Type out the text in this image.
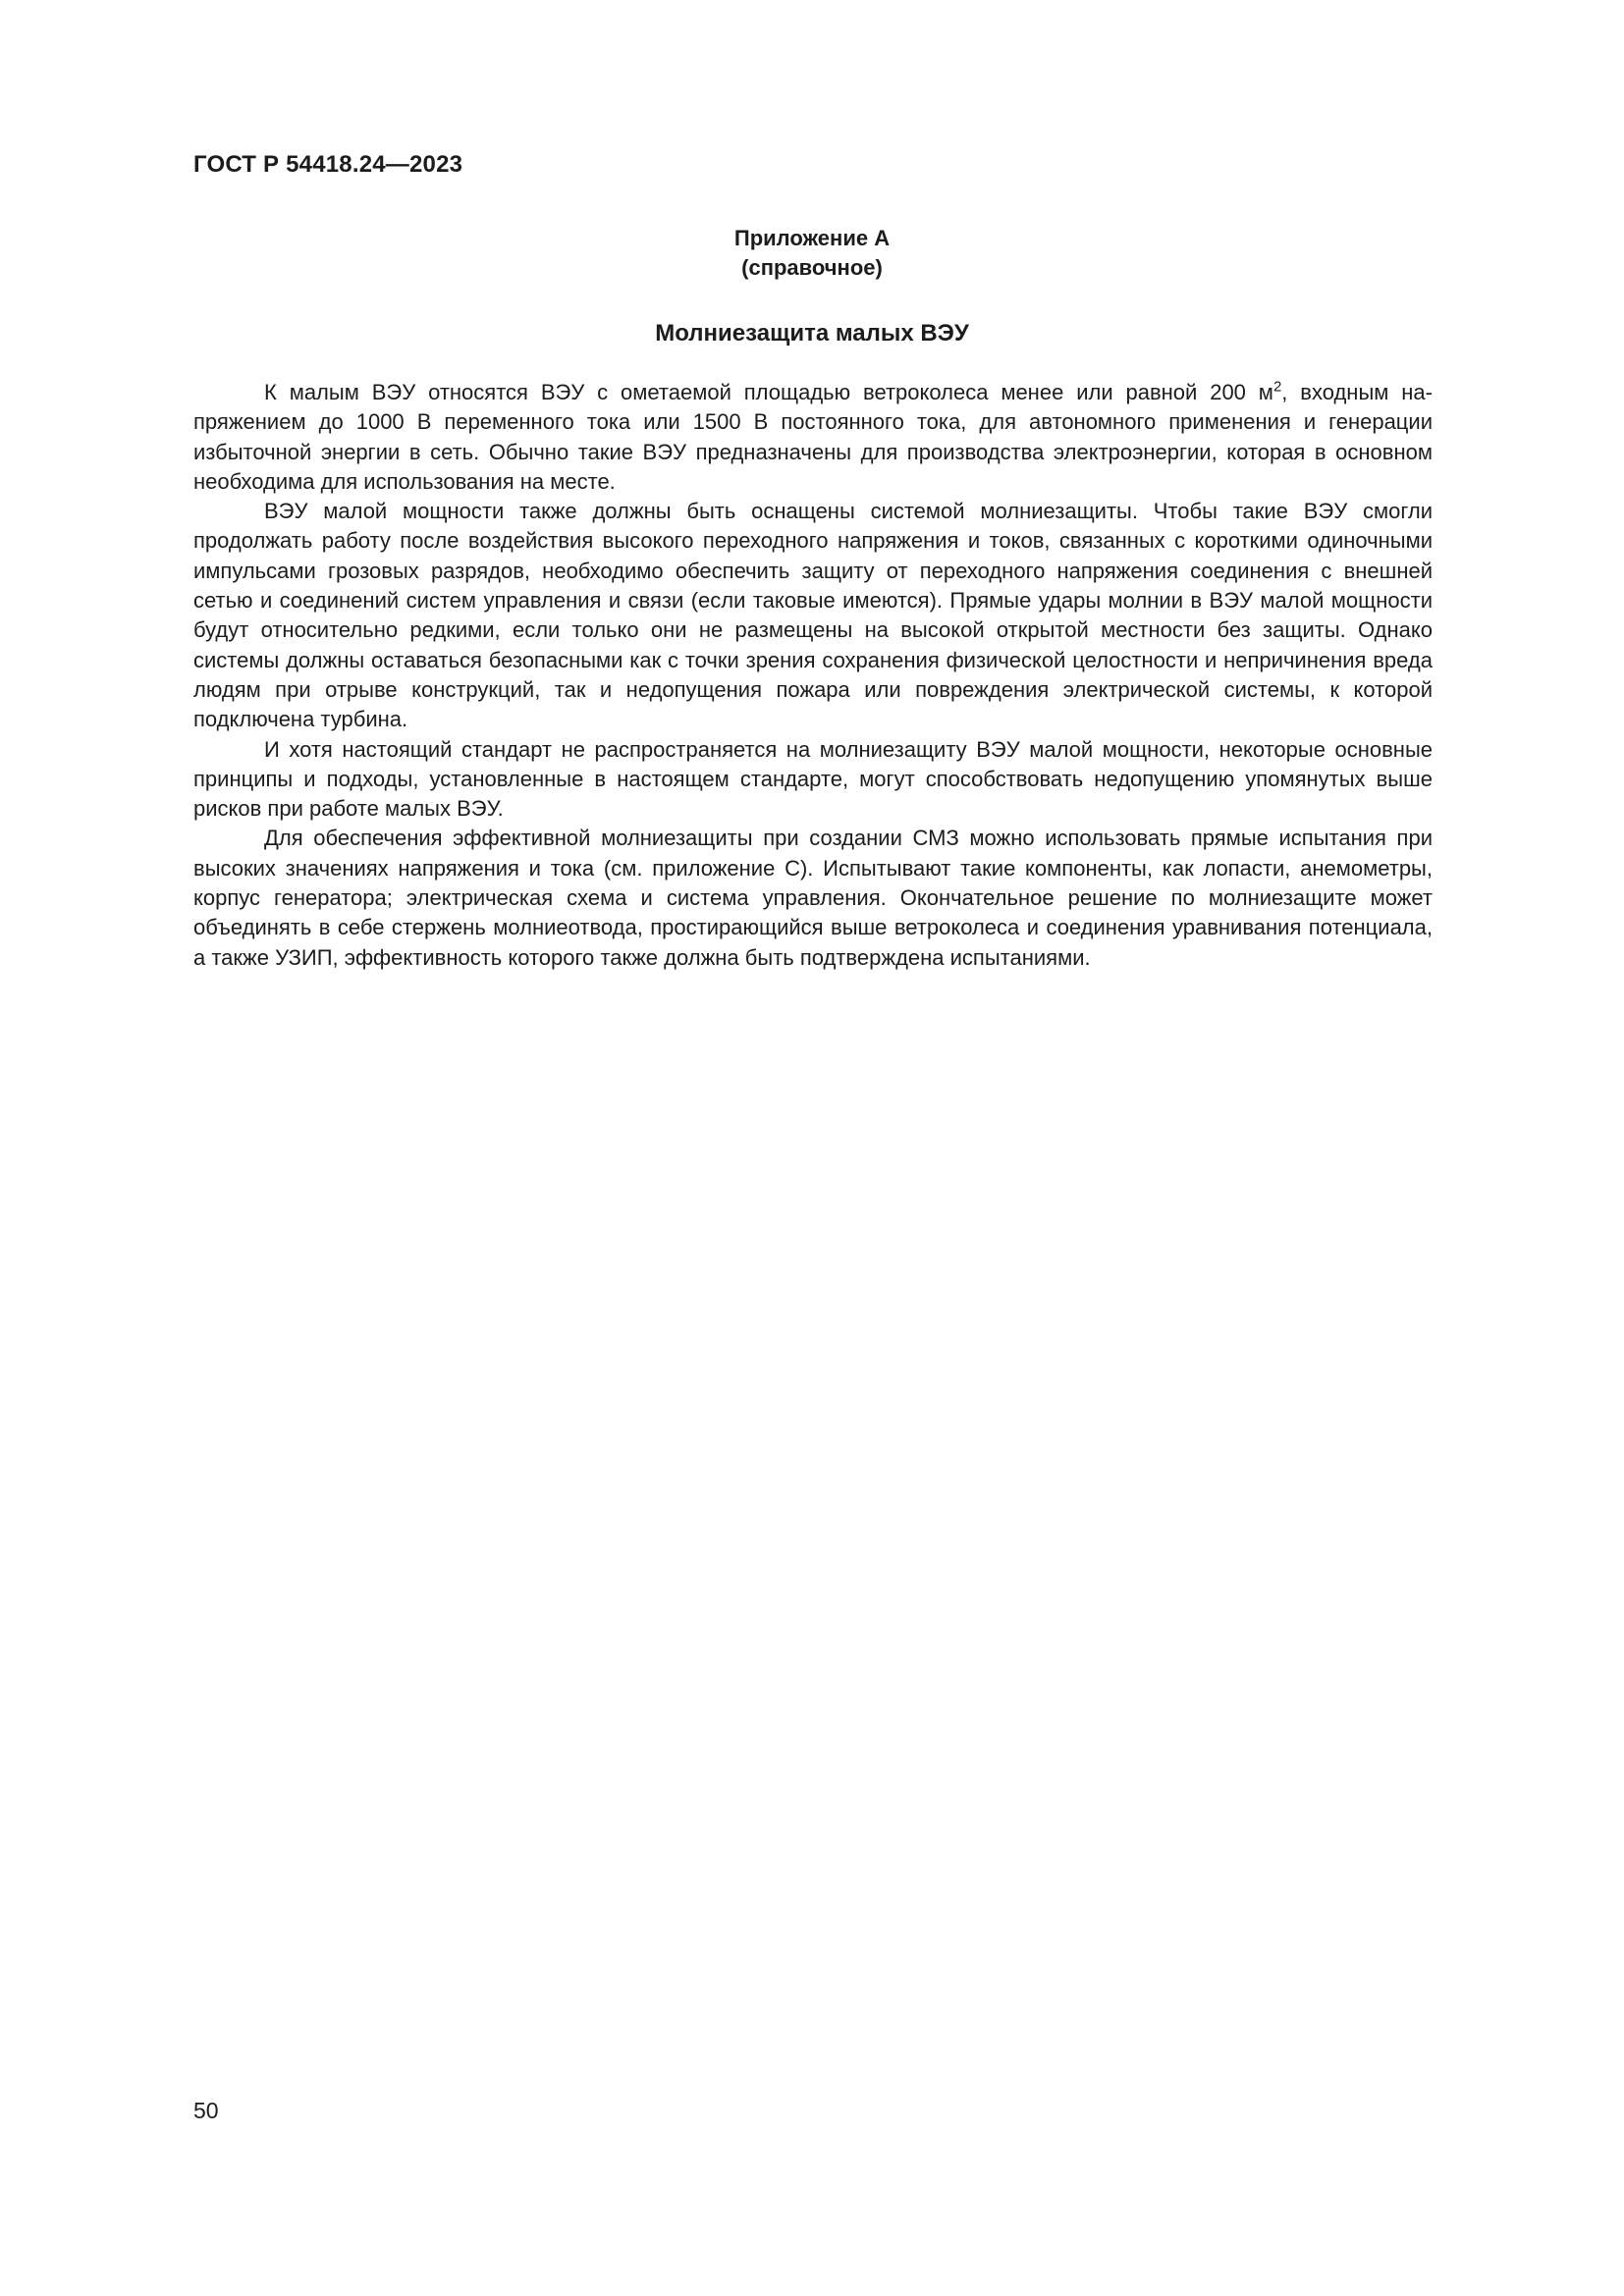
ГОСТ Р 54418.24—2023
Приложение А
(справочное)
Молниезащита малых ВЭУ

К малым ВЭУ относятся ВЭУ с ометаемой площадью ветроколеса менее или равной 200 $м^2$, входным напряжением до 1000 В переменного тока или 1500 В постоянного тока, для автономного применения и генерации избыточной энергии в сеть. Обычно такие ВЭУ предназначены для производства электроэнергии, которая в основном необходима для использования на месте.

ВЭУ малой мощности также должны быть оснащены системой молниезащиты. Чтобы такие ВЭУ смогли продолжать работу после воздействия высокого переходного напряжения и токов, связанных с короткими одиночными импульсами грозовых разрядов, необходимо обеспечить защиту от переходного напряжения соединения с внешней сетью и соединений систем управления и связи (если таковые имеются). Прямые удары молнии в ВЭУ малой мощности будут относительно редкими, если только они не размещены на высокой открытой местности без защиты. Однако системы должны оставаться безопасными как с точки зрения сохранения физической целостности и непричинения вреда людям при отрыве конструкций, так и недопущения пожара или повреждения электрической системы, к которой подключена турбина.

И хотя настоящий стандарт не распространяется на молниезащиту ВЭУ малой мощности, некоторые основные принципы и подходы, установленные в настоящем стандарте, могут способствовать недопущению упомянутых выше рисков при работе малых ВЭУ.

Для обеспечения эффективной молниезащиты при создании СМЗ можно использовать прямые испытания при высоких значениях напряжения и тока (см. приложение С). Испытывают такие компоненты, как лопасти, анемометры, корпус генератора; электрическая схема и система управления. Окончательное решение по молниезащите может объединять в себе стержень молниеотвода, простирающийся выше ветроколеса и соединения уравнивания потенциала, а также УЗИП, эффективность которого также должна быть подтверждена испытаниями.

50
